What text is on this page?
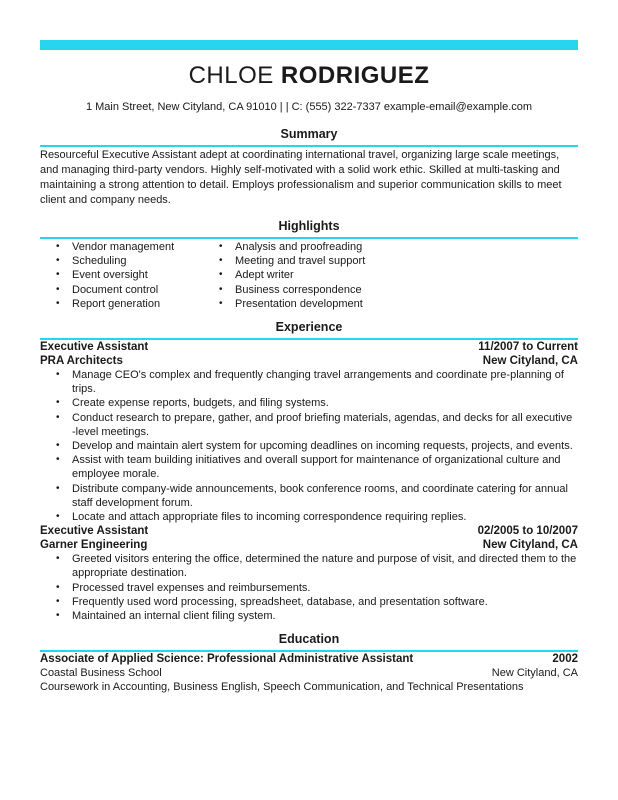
CHLOE RODRIGUEZ
1 Main Street, New Cityland, CA 91010 | | C: (555) 322-7337 example-email@example.com
Summary
Resourceful Executive Assistant adept at coordinating international travel, organizing large scale meetings, and managing third-party vendors. Highly self-motivated with a solid work ethic. Skilled at multi-tasking and maintaining a strong attention to detail. Employs professionalism and superior communication skills to meet client and company needs.
Highlights
• Vendor management
• Scheduling
• Event oversight
• Document control
• Report generation
• Analysis and proofreading
• Meeting and travel support
• Adept writer
• Business correspondence
• Presentation development
Experience
Executive Assistant	11/2007 to Current
PRA Architects	New Cityland, CA
• Manage CEO's complex and frequently changing travel arrangements and coordinate pre-planning of trips.
• Create expense reports, budgets, and filing systems.
• Conduct research to prepare, gather, and proof briefing materials, agendas, and decks for all executive -level meetings.
• Develop and maintain alert system for upcoming deadlines on incoming requests, projects, and events.
• Assist with team building initiatives and overall support for maintenance of organizational culture and employee morale.
• Distribute company-wide announcements, book conference rooms, and coordinate catering for annual staff development forum.
• Locate and attach appropriate files to incoming correspondence requiring replies.
Executive Assistant	02/2005 to 10/2007
Garner Engineering	New Cityland, CA
• Greeted visitors entering the office, determined the nature and purpose of visit, and directed them to the appropriate destination.
• Processed travel expenses and reimbursements.
• Frequently used word processing, spreadsheet, database, and presentation software.
• Maintained an internal client filing system.
Education
Associate of Applied Science: Professional Administrative Assistant	2002
Coastal Business School	New Cityland, CA
Coursework in Accounting, Business English, Speech Communication, and Technical Presentations
